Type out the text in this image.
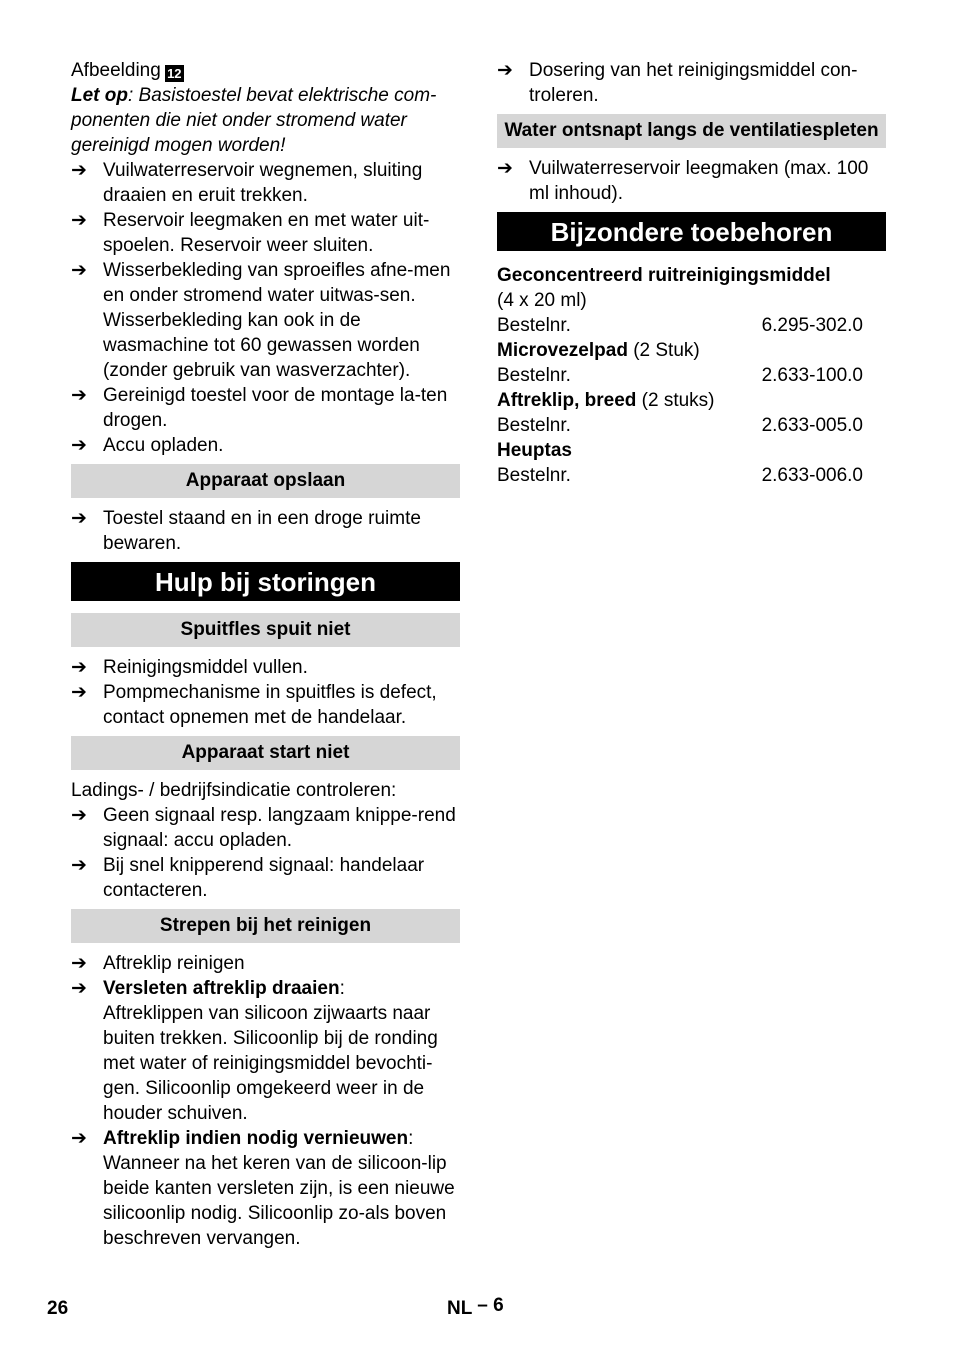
Afbeelding 12

Let op: Basistoestel bevat elektrische com-
ponenten die niet onder stromend water
gereinigd mogen worden!

➔ Vuilwaterreservoir wegnemen, sluiting draaien en eruit trekken.
➔ Reservoir leegmaken en met water uit-spoelen. Reservoir weer sluiten.
➔ Wisserbekleding van sproeifles afne-men en onder stromend water uitwas-sen. Wisserbekleding kan ook in de wasmachine tot 60 gewassen worden (zonder gebruik van wasverzachter).
➔ Gereinigd toestel voor de montage la-ten drogen.
➔ Accu opladen.
Apparaat opslaan
➔ Toestel staand en in een droge ruimte bewaren.
Hulp bij storingen
Spuitfles spuit niet
➔ Reinigingsmiddel vullen.
➔ Pompmechanisme in spuitfles is defect, contact opnemen met de handelaar.
Apparaat start niet

Ladings- / bedrijfsindicatie controleren:

➔ Geen signaal resp. langzaam knippe-rend signaal: accu opladen.
➔ Bij snel knipperend signaal: handelaar contacteren.
Strepen bij het reinigen
➔ Aftreklip reinigen
➔ Versleten aftreklip draaien:
Aftreklippen van silicoon zijwaarts naar buiten trekken. Silicoonlip bij de ronding met water of reinigingsmiddel bevochti-gen. Silicoonlip omgekeerd weer in de houder schuiven.
➔ Aftreklip indien nodig vernieuwen:
Wanneer na het keren van de silicoon-lip beide kanten versleten zijn, is een nieuwe silicoonlip nodig. Silicoonlip zo-als boven beschreven vervangen.
➔ Dosering van het reinigingsmiddel con-troleren.
Water ontsnapt langs de ventilatiespleten
➔ Vuilwaterreservoir leegmaken (max. 100 ml inhoud).
Bijzondere toebehoren
Geconcentreerd ruitreinigingsmiddel
(4 x 20 ml)
Bestelnr.	6.295-302.0
Microvezelpad (2 Stuk)
Bestelnr.	2.633-100.0
Aftreklip, breed (2 stuks)
Bestelnr.	2.633-005.0
Heuptas
Bestelnr.	2.633-006.0
26	NL – 6
